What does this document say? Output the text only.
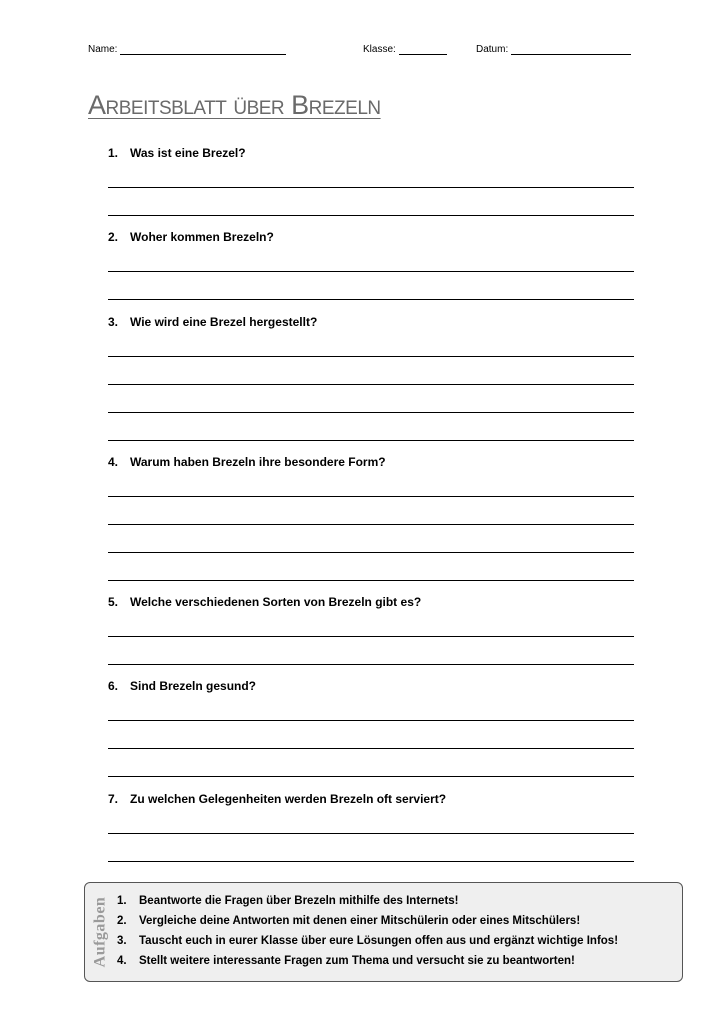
Name:	Klasse:	Datum:
Arbeitsblatt über Brezeln
1. Was ist eine Brezel?
2. Woher kommen Brezeln?
3. Wie wird eine Brezel hergestellt?
4. Warum haben Brezeln ihre besondere Form?
5. Welche verschiedenen Sorten von Brezeln gibt es?
6. Sind Brezeln gesund?
7. Zu welchen Gelegenheiten werden Brezeln oft serviert?
Aufgaben 1. Beantworte die Fragen über Brezeln mithilfe des Internets!
2. Vergleiche deine Antworten mit denen einer Mitschülerin oder eines Mitschülers!
3. Tauscht euch in eurer Klasse über eure Lösungen offen aus und ergänzt wichtige Infos!
4. Stellt weitere interessante Fragen zum Thema und versucht sie zu beantworten!
